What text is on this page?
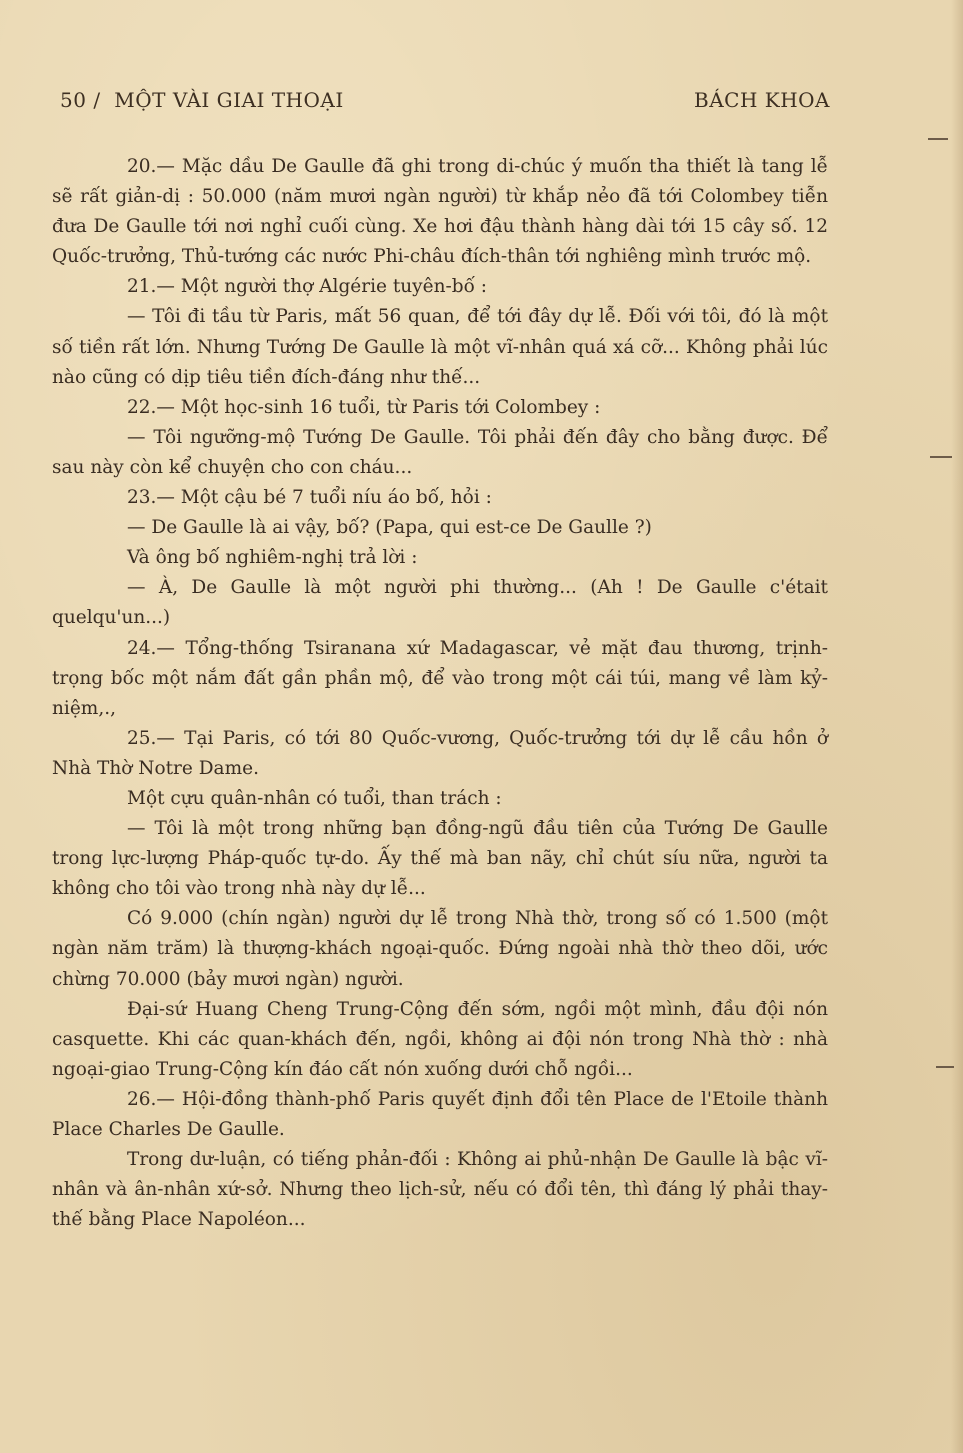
50 / MỘT VÀI GIAI THOẠI	BÁCH KHOA

20.— Mặc dầu De Gaulle đã ghi trong di-chúc ý muốn tha thiết là tang lễ sẽ rất giản-dị : 50.000 (năm mươi ngàn người) từ khắp nẻo đã tới Colombey tiễn đưa De Gaulle tới nơi nghỉ cuối cùng. Xe hơi đậu thành hàng dài tới 15 cây số. 12 Quốc-trưởng, Thủ-tướng các nước Phi-châu đích-thân tới nghiêng mình trước mộ.

21.— Một người thợ Algérie tuyên-bố :

— Tôi đi tầu từ Paris, mất 56 quan, để tới đây dự lễ. Đối với tôi, đó là một số tiền rất lớn. Nhưng Tướng De Gaulle là một vĩ-nhân quá xá cỡ... Không phải lúc nào cũng có dịp tiêu tiền đích-đáng như thế...

22.— Một học-sinh 16 tuổi, từ Paris tới Colombey :

— Tôi ngưỡng-mộ Tướng De Gaulle. Tôi phải đến đây cho bằng được. Để sau này còn kể chuyện cho con cháu...

23.— Một cậu bé 7 tuổi níu áo bố, hỏi :

— De Gaulle là ai vậy, bố? (Papa, qui est-ce De Gaulle ?)

Và ông bố nghiêm-nghị trả lời :

— À, De Gaulle là một người phi thường... (Ah ! De Gaulle c'était quelqu'un...)

24.— Tổng-thống Tsiranana xứ Madagascar, vẻ mặt đau thương, trịnh-trọng bốc một nắm đất gần phần mộ, để vào trong một cái túi, mang về làm kỷ-niệm,.,

25.— Tại Paris, có tới 80 Quốc-vương, Quốc-trưởng tới dự lễ cầu hồn ở Nhà Thờ Notre Dame.

Một cựu quân-nhân có tuổi, than trách :

— Tôi là một trong những bạn đồng-ngũ đầu tiên của Tướng De Gaulle trong lực-lượng Pháp-quốc tự-do. Ấy thế mà ban nãy, chỉ chút síu nữa, người ta không cho tôi vào trong nhà này dự lễ...

Có 9.000 (chín ngàn) người dự lễ trong Nhà thờ, trong số có 1.500 (một ngàn năm trăm) là thượng-khách ngoại-quốc. Đứng ngoài nhà thờ theo dõi, ước chừng 70.000 (bảy mươi ngàn) người.

Đại-sứ Huang Cheng Trung-Cộng đến sớm, ngồi một mình, đầu đội nón casquette. Khi các quan-khách đến, ngồi, không ai đội nón trong Nhà thờ : nhà ngoại-giao Trung-Cộng kín đáo cất nón xuống dưới chỗ ngồi...

26.— Hội-đồng thành-phố Paris quyết định đổi tên Place de l'Etoile thành Place Charles De Gaulle.

Trong dư-luận, có tiếng phản-đối : Không ai phủ-nhận De Gaulle là bậc vĩ-nhân và ân-nhân xứ-sở. Nhưng theo lịch-sử, nếu có đổi tên, thì đáng lý phải thay-thế bằng Place Napoléon...
